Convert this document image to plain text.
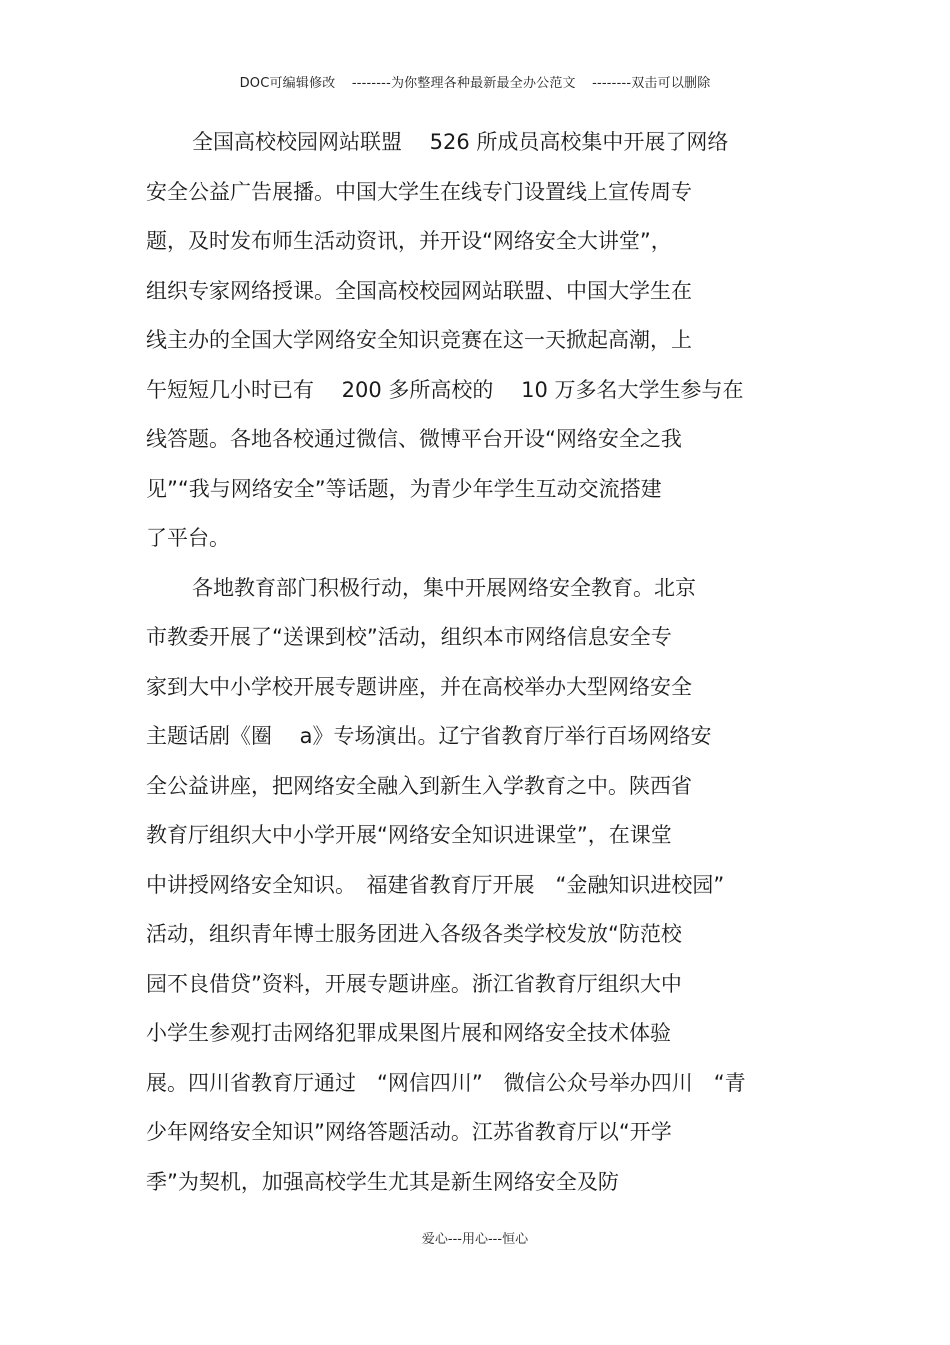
DOC可编辑修改 --------为你整理各种最新最全办公范文 --------双击可以删除
全国高校校园网站联盟　 526 所成员高校集中开展了网络
安全公益广告展播。中国大学生在线专门设置线上宣传周专
题，及时发布师生活动资讯，并开设“网络安全大讲堂”，
组织专家网络授课。全国高校校园网站联盟、中国大学生在
线主办的全国大学网络安全知识竞赛在这一天掀起高潮，上
午短短几小时已有　 200 多所高校的　 10 万多名大学生参与在
线答题。各地各校通过微信、微博平台开设“网络安全之我
见”“我与网络安全”等话题，为青少年学生互动交流搭建
了平台。
各地教育部门积极行动，集中开展网络安全教育。北京
市教委开展了“送课到校”活动，组织本市网络信息安全专
家到大中小学校开展专题讲座，并在高校举办大型网络安全
主题话剧《圈　 a》专场演出。辽宁省教育厅举行百场网络安
全公益讲座，把网络安全融入到新生入学教育之中。陕西省
教育厅组织大中小学开展“网络安全知识进课堂”，在课堂
中讲授网络安全知识。　福建省教育厅开展　“金融知识进校园”
活动，组织青年博士服务团进入各级各类学校发放“防范校
园不良借贷”资料，开展专题讲座。浙江省教育厅组织大中
小学生参观打击网络犯罪成果图片展和网络安全技术体验
展。四川省教育厅通过　“网信四川”　微信公众号举办四川　“青
少年网络安全知识”网络答题活动。江苏省教育厅以“开学
季”为契机，加强高校学生尤其是新生网络安全及防
爱心---用心---恒心
